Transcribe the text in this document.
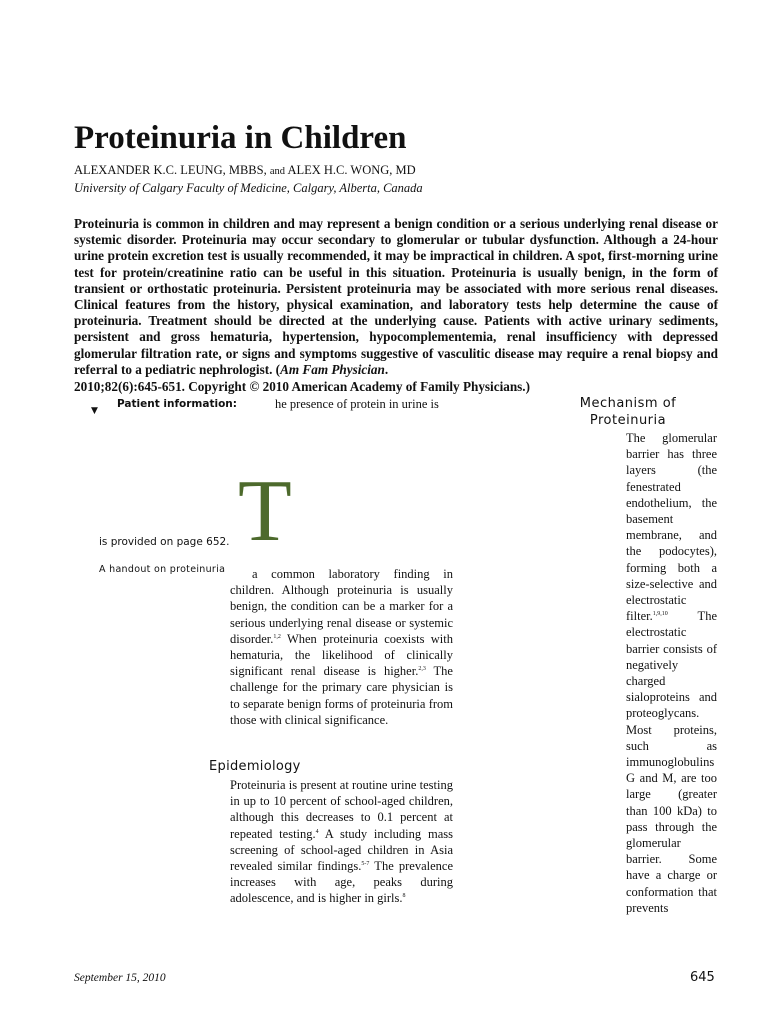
Proteinuria in Children
ALEXANDER K.C. LEUNG, MBBS, and ALEX H.C. WONG, MD
University of Calgary Faculty of Medicine, Calgary, Alberta, Canada
Proteinuria is common in children and may represent a benign condition or a serious underlying renal disease or systemic disorder. Proteinuria may occur secondary to glomerular or tubular dysfunction. Although a 24-hour urine protein excretion test is usually recommended, it may be impractical in children. A spot, first-morning urine test for protein/creatinine ratio can be useful in this situation. Proteinuria is usually benign, in the form of transient or orthostatic proteinuria. Persistent proteinuria may be associated with more serious renal diseases. Clinical features from the history, physical examination, and laboratory tests help determine the cause of proteinuria. Treatment should be directed at the underlying cause. Patients with active urinary sediments, persistent and gross hematuria, hypertension, hypocomplementemia, renal insufficiency with depressed glomerular filtration rate, or signs and symptoms suggestive of vasculitic disease may require a renal biopsy and referral to a pediatric nephrologist. (Am Fam Physician.
2010;82(6):645-651. Copyright © 2010 American Academy of Family Physicians.)
▼
Patient information:	he presence of protein in urine is
T
is provided on page 652.
A handout on proteinuria	a common laboratory finding in children. Although proteinuria is usually benign, the condition can be a marker for a serious underlying renal disease or systemic disorder.$^{1,2}$ When proteinuria coexists with hematuria, the likelihood of clinically significant renal disease is higher.$^{2,3}$ The challenge for the primary care physician is to separate benign forms of proteinuria from those with clinical significance.
Epidemiology
Proteinuria is present at routine urine testing in up to 10 percent of school-aged children, although this decreases to 0.1 percent at repeated testing.$^4$ A study including mass screening of school-aged children in Asia revealed similar findings.$^{5-7}$ The prevalence increases with age, peaks during adolescence, and is higher in girls.$^8$
Mechanism of Proteinuria
The glomerular barrier has three layers (the fenestrated endothelium, the basement membrane, and the podocytes), forming both a size-selective and electrostatic filter.$^{1,9,10}$ The electrostatic barrier consists of negatively charged sialoproteins and proteoglycans. Most proteins, such as immunoglobulins G and M, are too large (greater than 100 kDa) to pass through the glomerular barrier. Some have a charge or conformation that prevents
September 15, 2010	645
